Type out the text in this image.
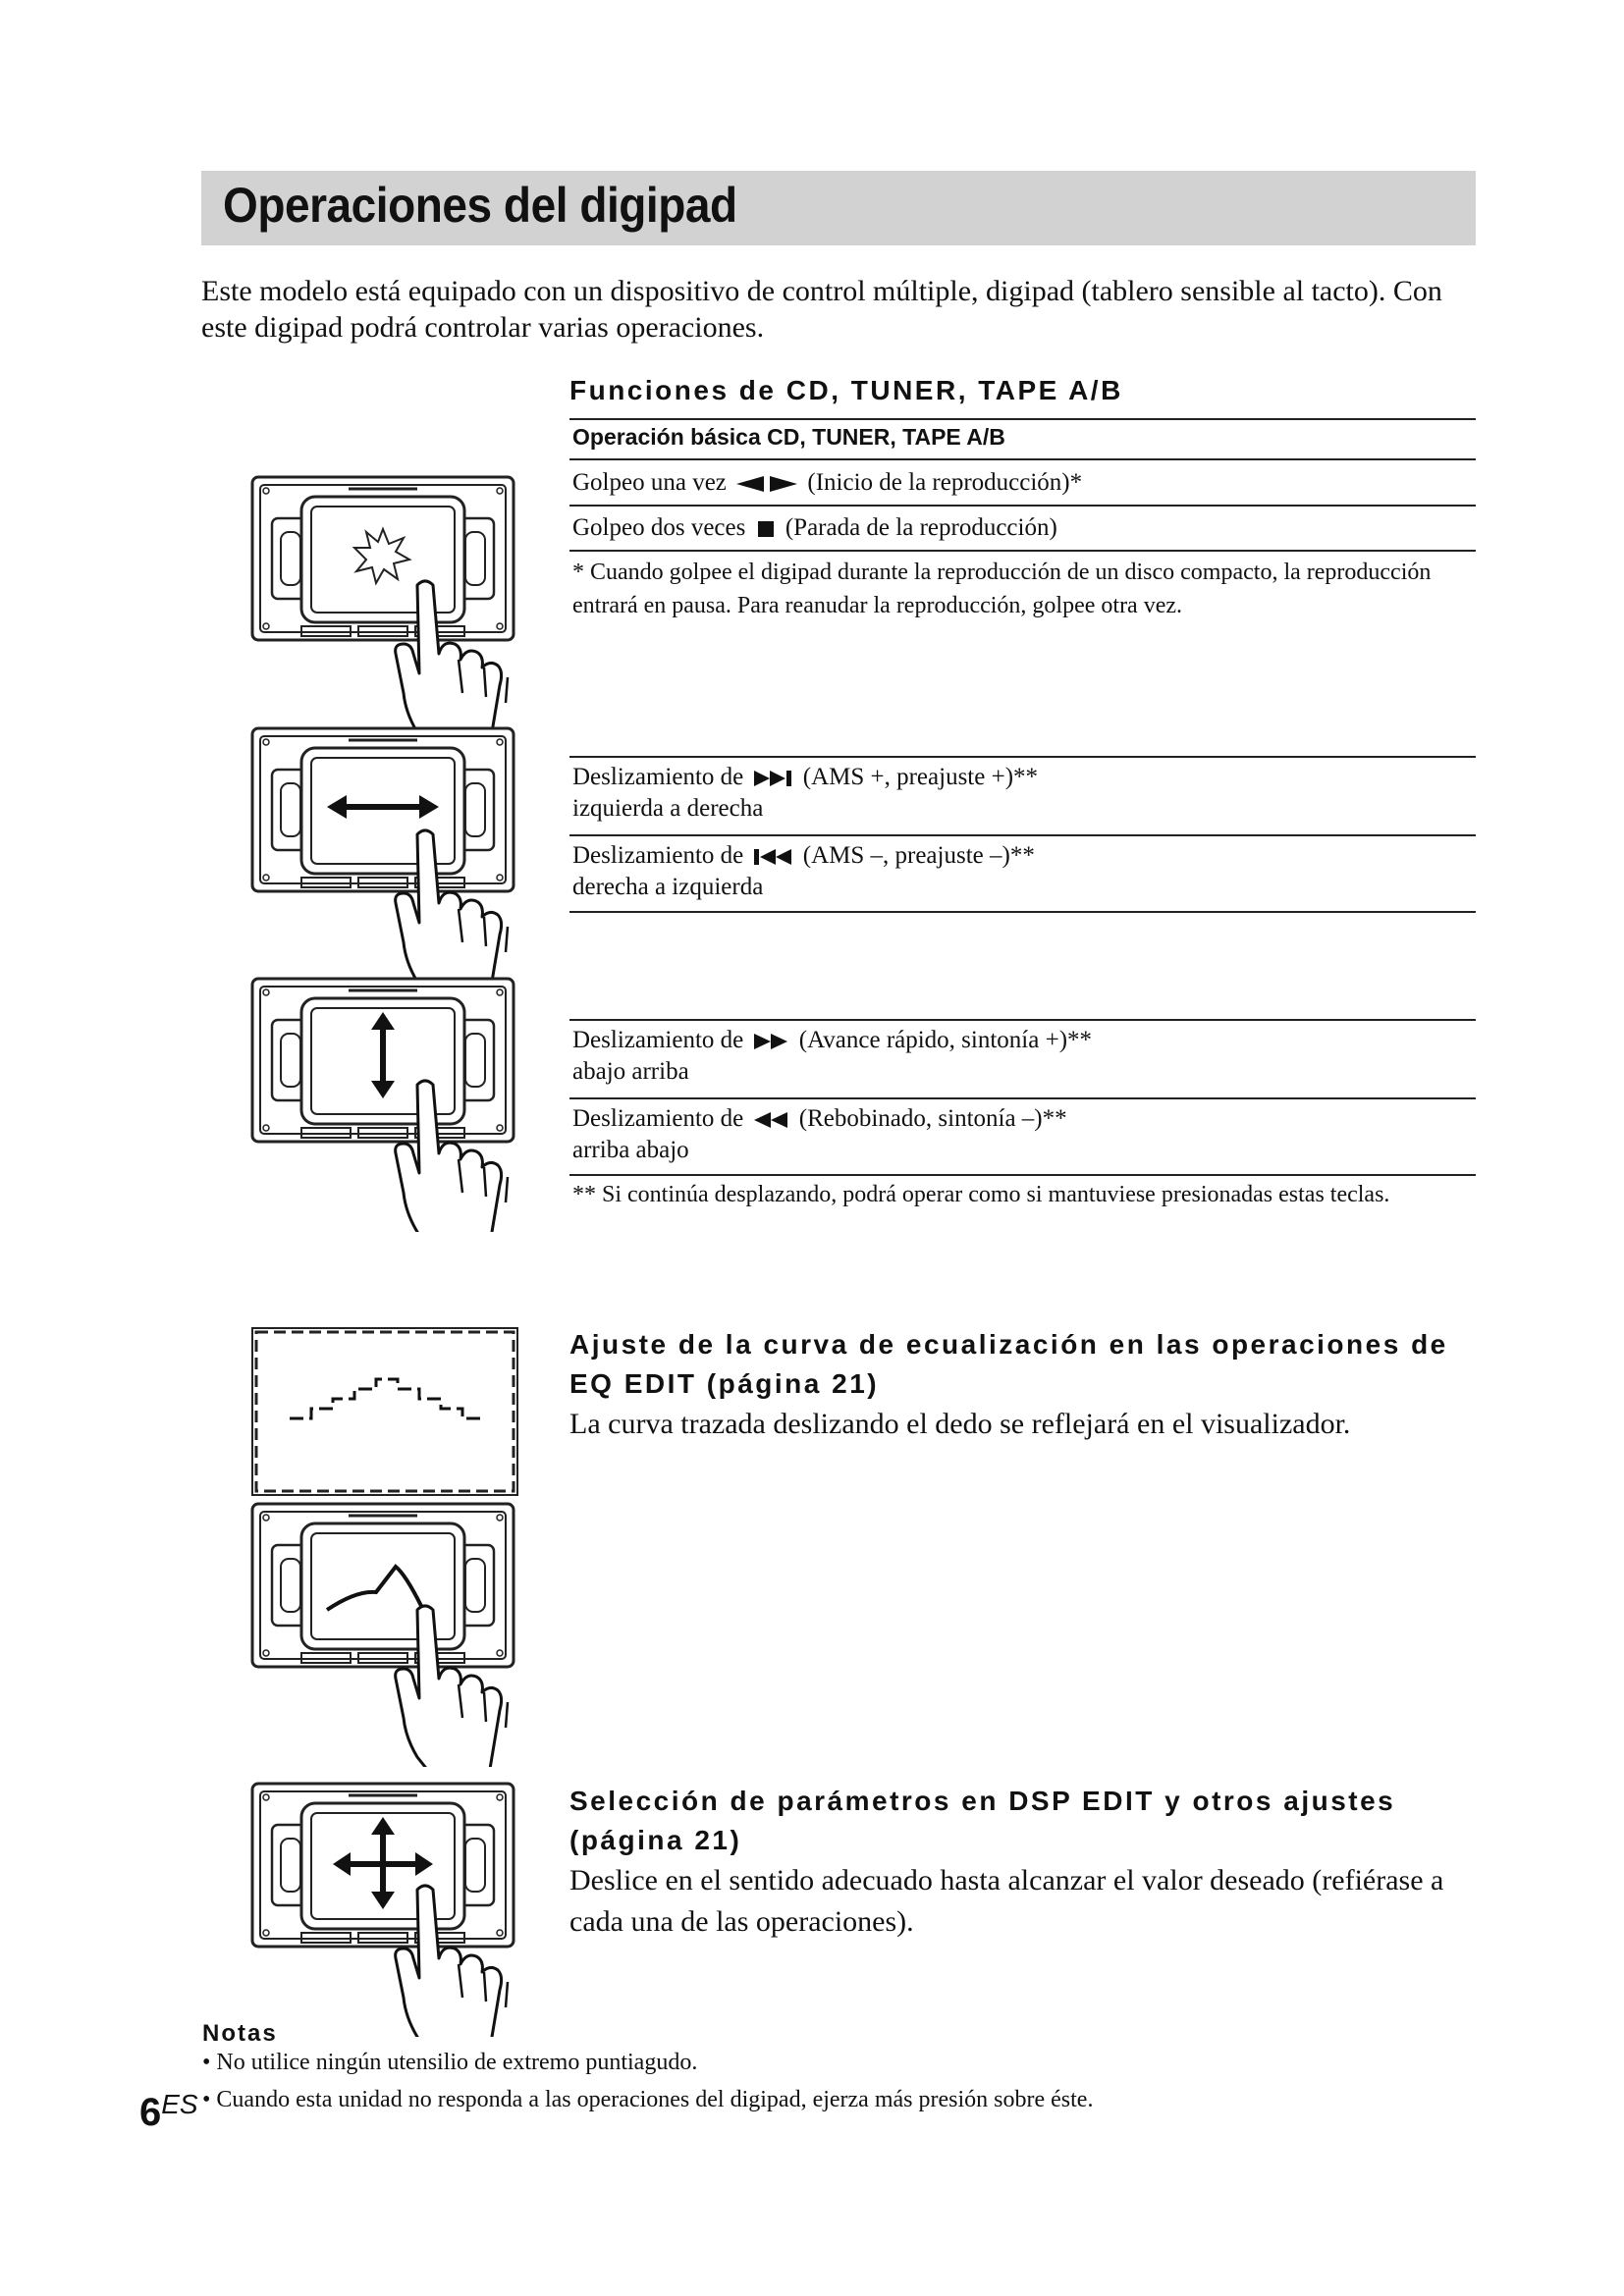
Operaciones del digipad
Este modelo está equipado con un dispositivo de control múltiple, digipad (tablero sensible al tacto). Con este digipad podrá controlar varias operaciones.
Funciones de CD, TUNER, TAPE A/B
Operación básica CD, TUNER, TAPE A/B
Golpeo una vez	(Inicio de la reproducción)*
Golpeo dos veces (Parada de la reproducción)
* Cuando golpee el digipad durante la reproducción de un disco compacto, la reproducción entrará en pausa. Para reanudar la reproducción, golpee otra vez.
Deslizamiento de (AMS +, preajuste +)**
izquierda a derecha
Deslizamiento de (AMS –, preajuste –)**
derecha a izquierda
Deslizamiento de (Avance rápido, sintonía +)**
abajo arriba
Deslizamiento de (Rebobinado, sintonía –)**
arriba abajo
** Si continúa desplazando, podrá operar como si mantuviese presionadas estas teclas.
Ajuste de la curva de ecualización en las operaciones de EQ EDIT (página 21)
La curva trazada deslizando el dedo se reflejará en el visualizador.
Selección de parámetros en DSP EDIT y otros ajustes (página 21)
Deslice en el sentido adecuado hasta alcanzar el valor deseado (refiérase a cada una de las operaciones).
Notas
• No utilice ningún utensilio de extremo puntiagudo.
• Cuando esta unidad no responda a las operaciones del digipad, ejerza más presión sobre éste.
$6^{ES}$
